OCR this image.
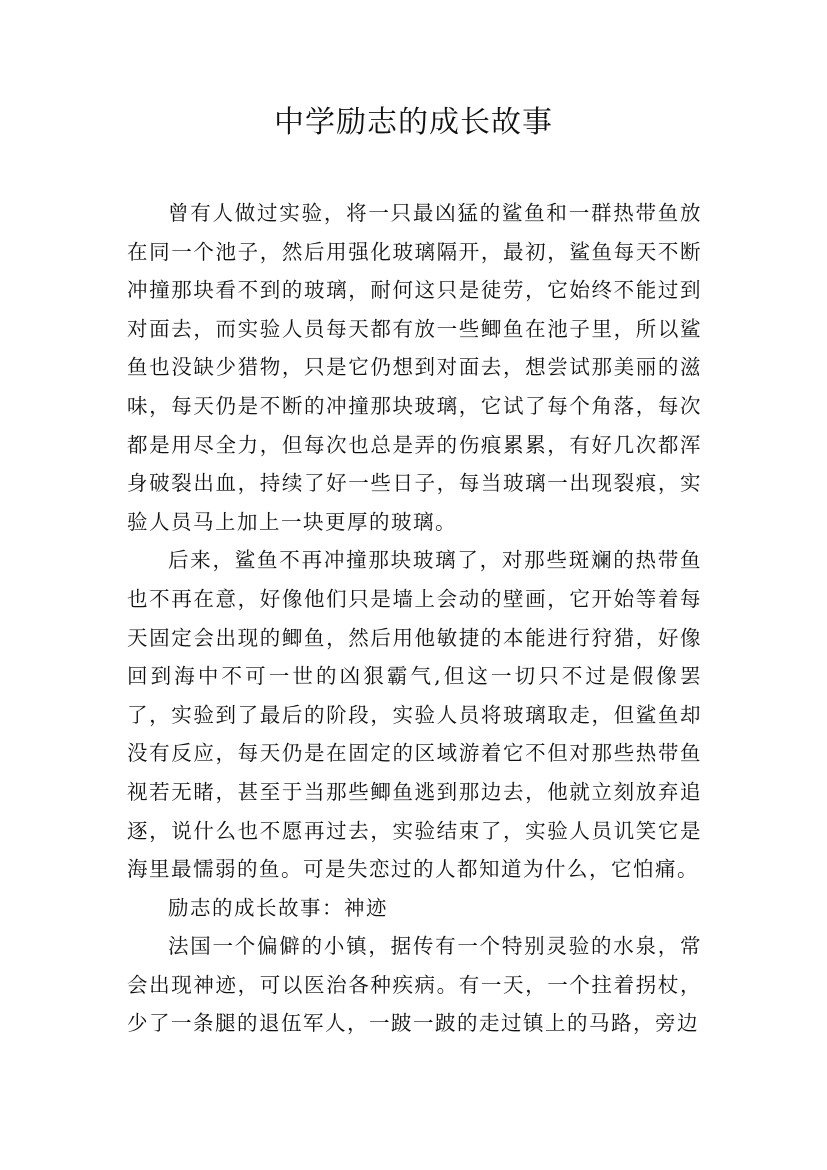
中学励志的成长故事

曾有人做过实验，将一只最凶猛的鲨鱼和一群热带鱼放在同一个池子，然后用强化玻璃隔开，最初，鲨鱼每天不断冲撞那块看不到的玻璃，耐何这只是徒劳，它始终不能过到对面去，而实验人员每天都有放一些鲫鱼在池子里，所以鲨鱼也没缺少猎物，只是它仍想到对面去，想尝试那美丽的滋味，每天仍是不断的冲撞那块玻璃，它试了每个角落，每次都是用尽全力，但每次也总是弄的伤痕累累，有好几次都浑身破裂出血，持续了好一些日子，每当玻璃一出现裂痕，实验人员马上加上一块更厚的玻璃。

后来，鲨鱼不再冲撞那块玻璃了，对那些斑斓的热带鱼也不再在意，好像他们只是墙上会动的壁画，它开始等着每天固定会出现的鲫鱼，然后用他敏捷的本能进行狩猎，好像回到海中不可一世的凶狠霸气,但这一切只不过是假像罢了，实验到了最后的阶段，实验人员将玻璃取走，但鲨鱼却没有反应，每天仍是在固定的区域游着它不但对那些热带鱼视若无睹，甚至于当那些鲫鱼逃到那边去，他就立刻放弃追逐，说什么也不愿再过去，实验结束了，实验人员讥笑它是海里最懦弱的鱼。可是失恋过的人都知道为什么，它怕痛。

励志的成长故事：神迹

法国一个偏僻的小镇，据传有一个特别灵验的水泉，常会出现神迹，可以医治各种疾病。有一天，一个拄着拐杖，少了一条腿的退伍军人，一跛一跛的走过镇上的马路，旁边
